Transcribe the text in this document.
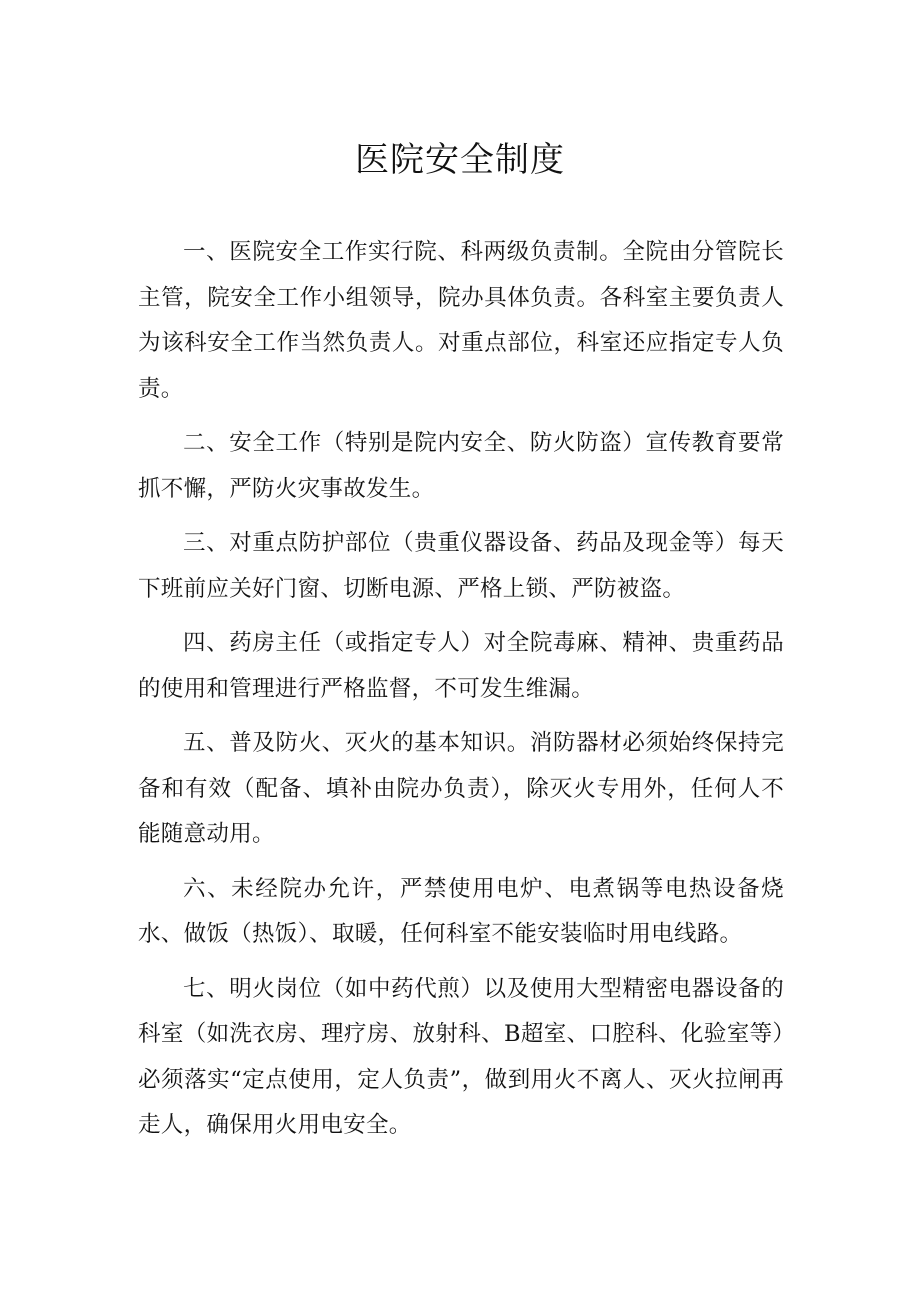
医院安全制度

一、医院安全工作实行院、科两级负责制。全院由分管院长主管，院安全工作小组领导，院办具体负责。各科室主要负责人为该科安全工作当然负责人。对重点部位，科室还应指定专人负责。

二、安全工作（特别是院内安全、防火防盗）宣传教育要常抓不懈，严防火灾事故发生。

三、对重点防护部位（贵重仪器设备、药品及现金等）每天下班前应关好门窗、切断电源、严格上锁、严防被盗。

四、药房主任（或指定专人）对全院毒麻、精神、贵重药品的使用和管理进行严格监督，不可发生维漏。

五、普及防火、灭火的基本知识。消防器材必须始终保持完备和有效（配备、填补由院办负责），除灭火专用外，任何人不能随意动用。

六、未经院办允许，严禁使用电炉、电煮锅等电热设备烧水、做饭（热饭）、取暖，任何科室不能安装临时用电线路。

七、明火岗位（如中药代煎）以及使用大型精密电器设备的科室（如洗衣房、理疗房、放射科、B超室、口腔科、化验室等）必须落实“定点使用，定人负责”，做到用火不离人、灭火拉闸再走人，确保用火用电安全。
